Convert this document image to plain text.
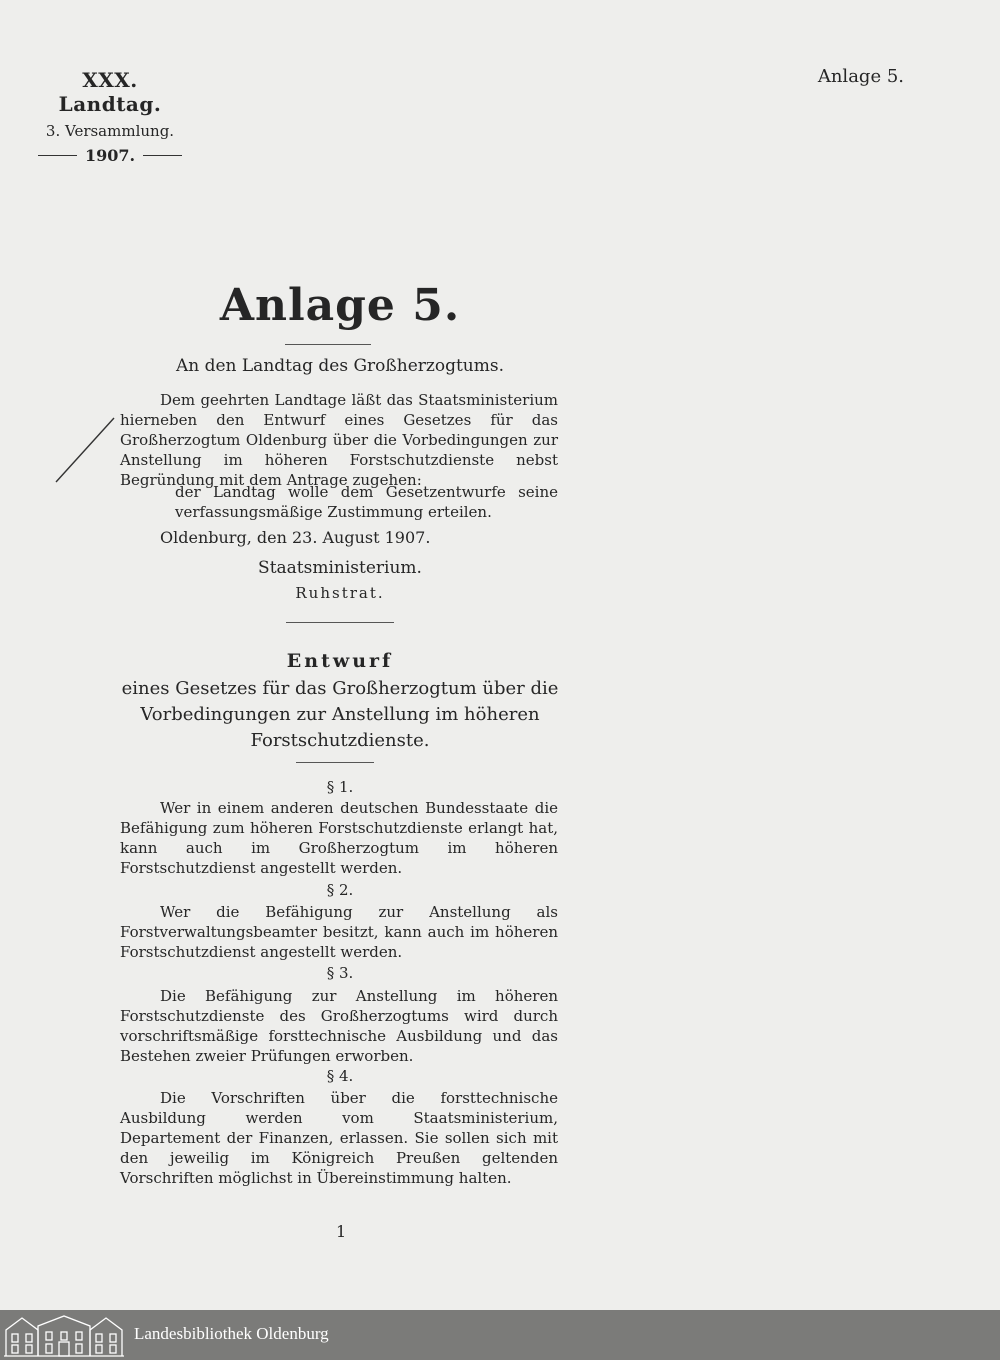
XXX. Landtag.
3. Versammlung.
1907.
Anlage 5.
Anlage 5.
An den Landtag des Großherzogtums.
Dem geehrten Landtage läßt das Staatsministerium hierneben den Entwurf eines Gesetzes für das Großherzogtum Oldenburg über die Vorbedingungen zur Anstellung im höheren Forstschutzdienste nebst Begründung mit dem Antrage zugehen:
der Landtag wolle dem Gesetzentwurfe seine verfassungsmäßige Zustimmung erteilen.
Oldenburg, den 23. August 1907.
Staatsministerium.
Ruhstrat.
Entwurf
eines Gesetzes für das Großherzogtum über die Vorbedingungen zur Anstellung im höheren Forstschutzdienste.
§ 1.
Wer in einem anderen deutschen Bundesstaate die Befähigung zum höheren Forstschutzdienste erlangt hat, kann auch im Großherzogtum im höheren Forstschutzdienst angestellt werden.
§ 2.
Wer die Befähigung zur Anstellung als Forstverwaltungsbeamter besitzt, kann auch im höheren Forstschutzdienst angestellt werden.
§ 3.
Die Befähigung zur Anstellung im höheren Forstschutzdienste des Großherzogtums wird durch vorschriftsmäßige forsttechnische Ausbildung und das Bestehen zweier Prüfungen erworben.
§ 4.
Die Vorschriften über die forsttechnische Ausbildung werden vom Staatsministerium, Departement der Finanzen, erlassen. Sie sollen sich mit den jeweilig im Königreich Preußen geltenden Vorschriften möglichst in Übereinstimmung halten.
1
Landesbibliothek Oldenburg
